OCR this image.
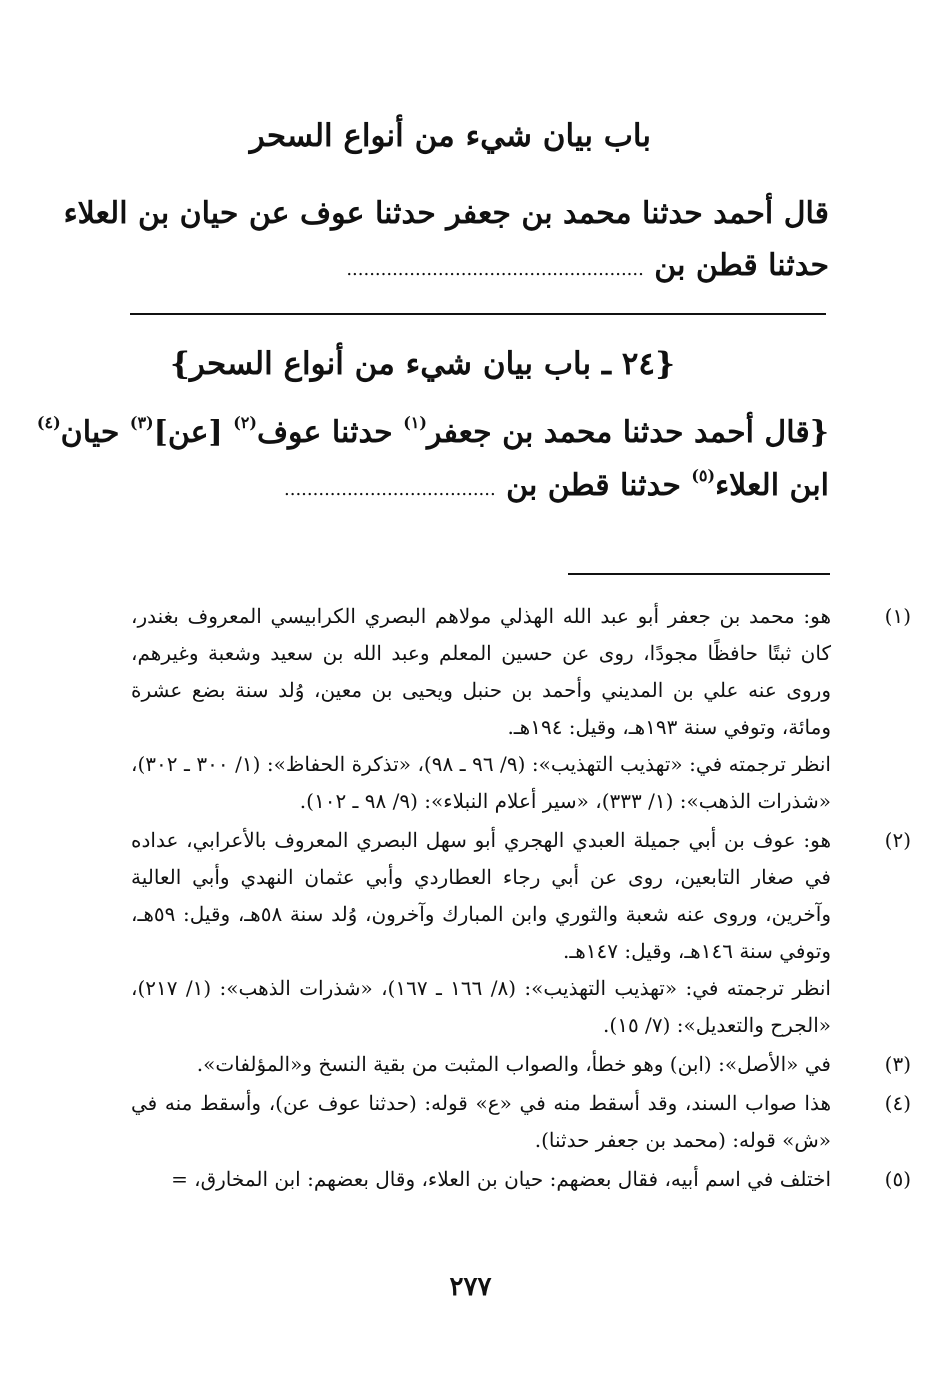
باب بيان شيء من أنواع السحر
قال أحمد حدثنا محمد بن جعفر حدثنا عوف عن حيان بن العلاء
حدثنا قطن بن ....................................................
{٢٤ ـ باب بيان شيء من أنواع السحر}
{قال أحمد حدثنا محمد بن جعفر$^{(١)}$ حدثنا عوف$^{(٢)}$ [عن]$^{(٣)}$ حيان$^{(٤)}$
ابن العلاء$^{(٥)}$ حدثنا قطن بن .....................................
(١)

هو: محمد بن جعفر أبو عبد الله الهذلي مولاهم البصري الكرابيسي المعروف بغندر، كان ثبتًا حافظًا مجودًا، روى عن حسين المعلم وعبد الله بن سعيد وشعبة وغيرهم، وروى عنه علي بن المديني وأحمد بن حنبل ويحيى بن معين، وُلد سنة بضع عشرة ومائة، وتوفي سنة ١٩٣هـ، وقيل: ١٩٤هـ.

انظر ترجمته في: «تهذيب التهذيب»: (٩/ ٩٦ ـ ٩٨)، «تذكرة الحفاظ»: (١/ ٣٠٠ ـ ٣٠٢)، «شذرات الذهب»: (١/ ٣٣٣)، «سير أعلام النبلاء»: (٩/ ٩٨ ـ ١٠٢).

(٢)

هو: عوف بن أبي جميلة العبدي الهجري أبو سهل البصري المعروف بالأعرابي، عداده في صغار التابعين، روى عن أبي رجاء العطاردي وأبي عثمان النهدي وأبي العالية وآخرين، وروى عنه شعبة والثوري وابن المبارك وآخرون، وُلد سنة ٥٨هـ، وقيل: ٥٩هـ، وتوفي سنة ١٤٦هـ، وقيل: ١٤٧هـ.

انظر ترجمته في: «تهذيب التهذيب»: (٨/ ١٦٦ ـ ١٦٧)، «شذرات الذهب»: (١/ ٢١٧)، «الجرح والتعديل»: (٧/ ١٥).

(٣)

في «الأصل»: (ابن) وهو خطأ، والصواب المثبت من بقية النسخ و«المؤلفات».

(٤)

هذا صواب السند، وقد أسقط منه في «ع» قوله: (حدثنا عوف عن)، وأسقط منه في «ش» قوله: (محمد بن جعفر حدثنا).

(٥)

اختلف في اسم أبيه، فقال بعضهم: حيان بن العلاء، وقال بعضهم: ابن المخارق، =

٢٧٧
